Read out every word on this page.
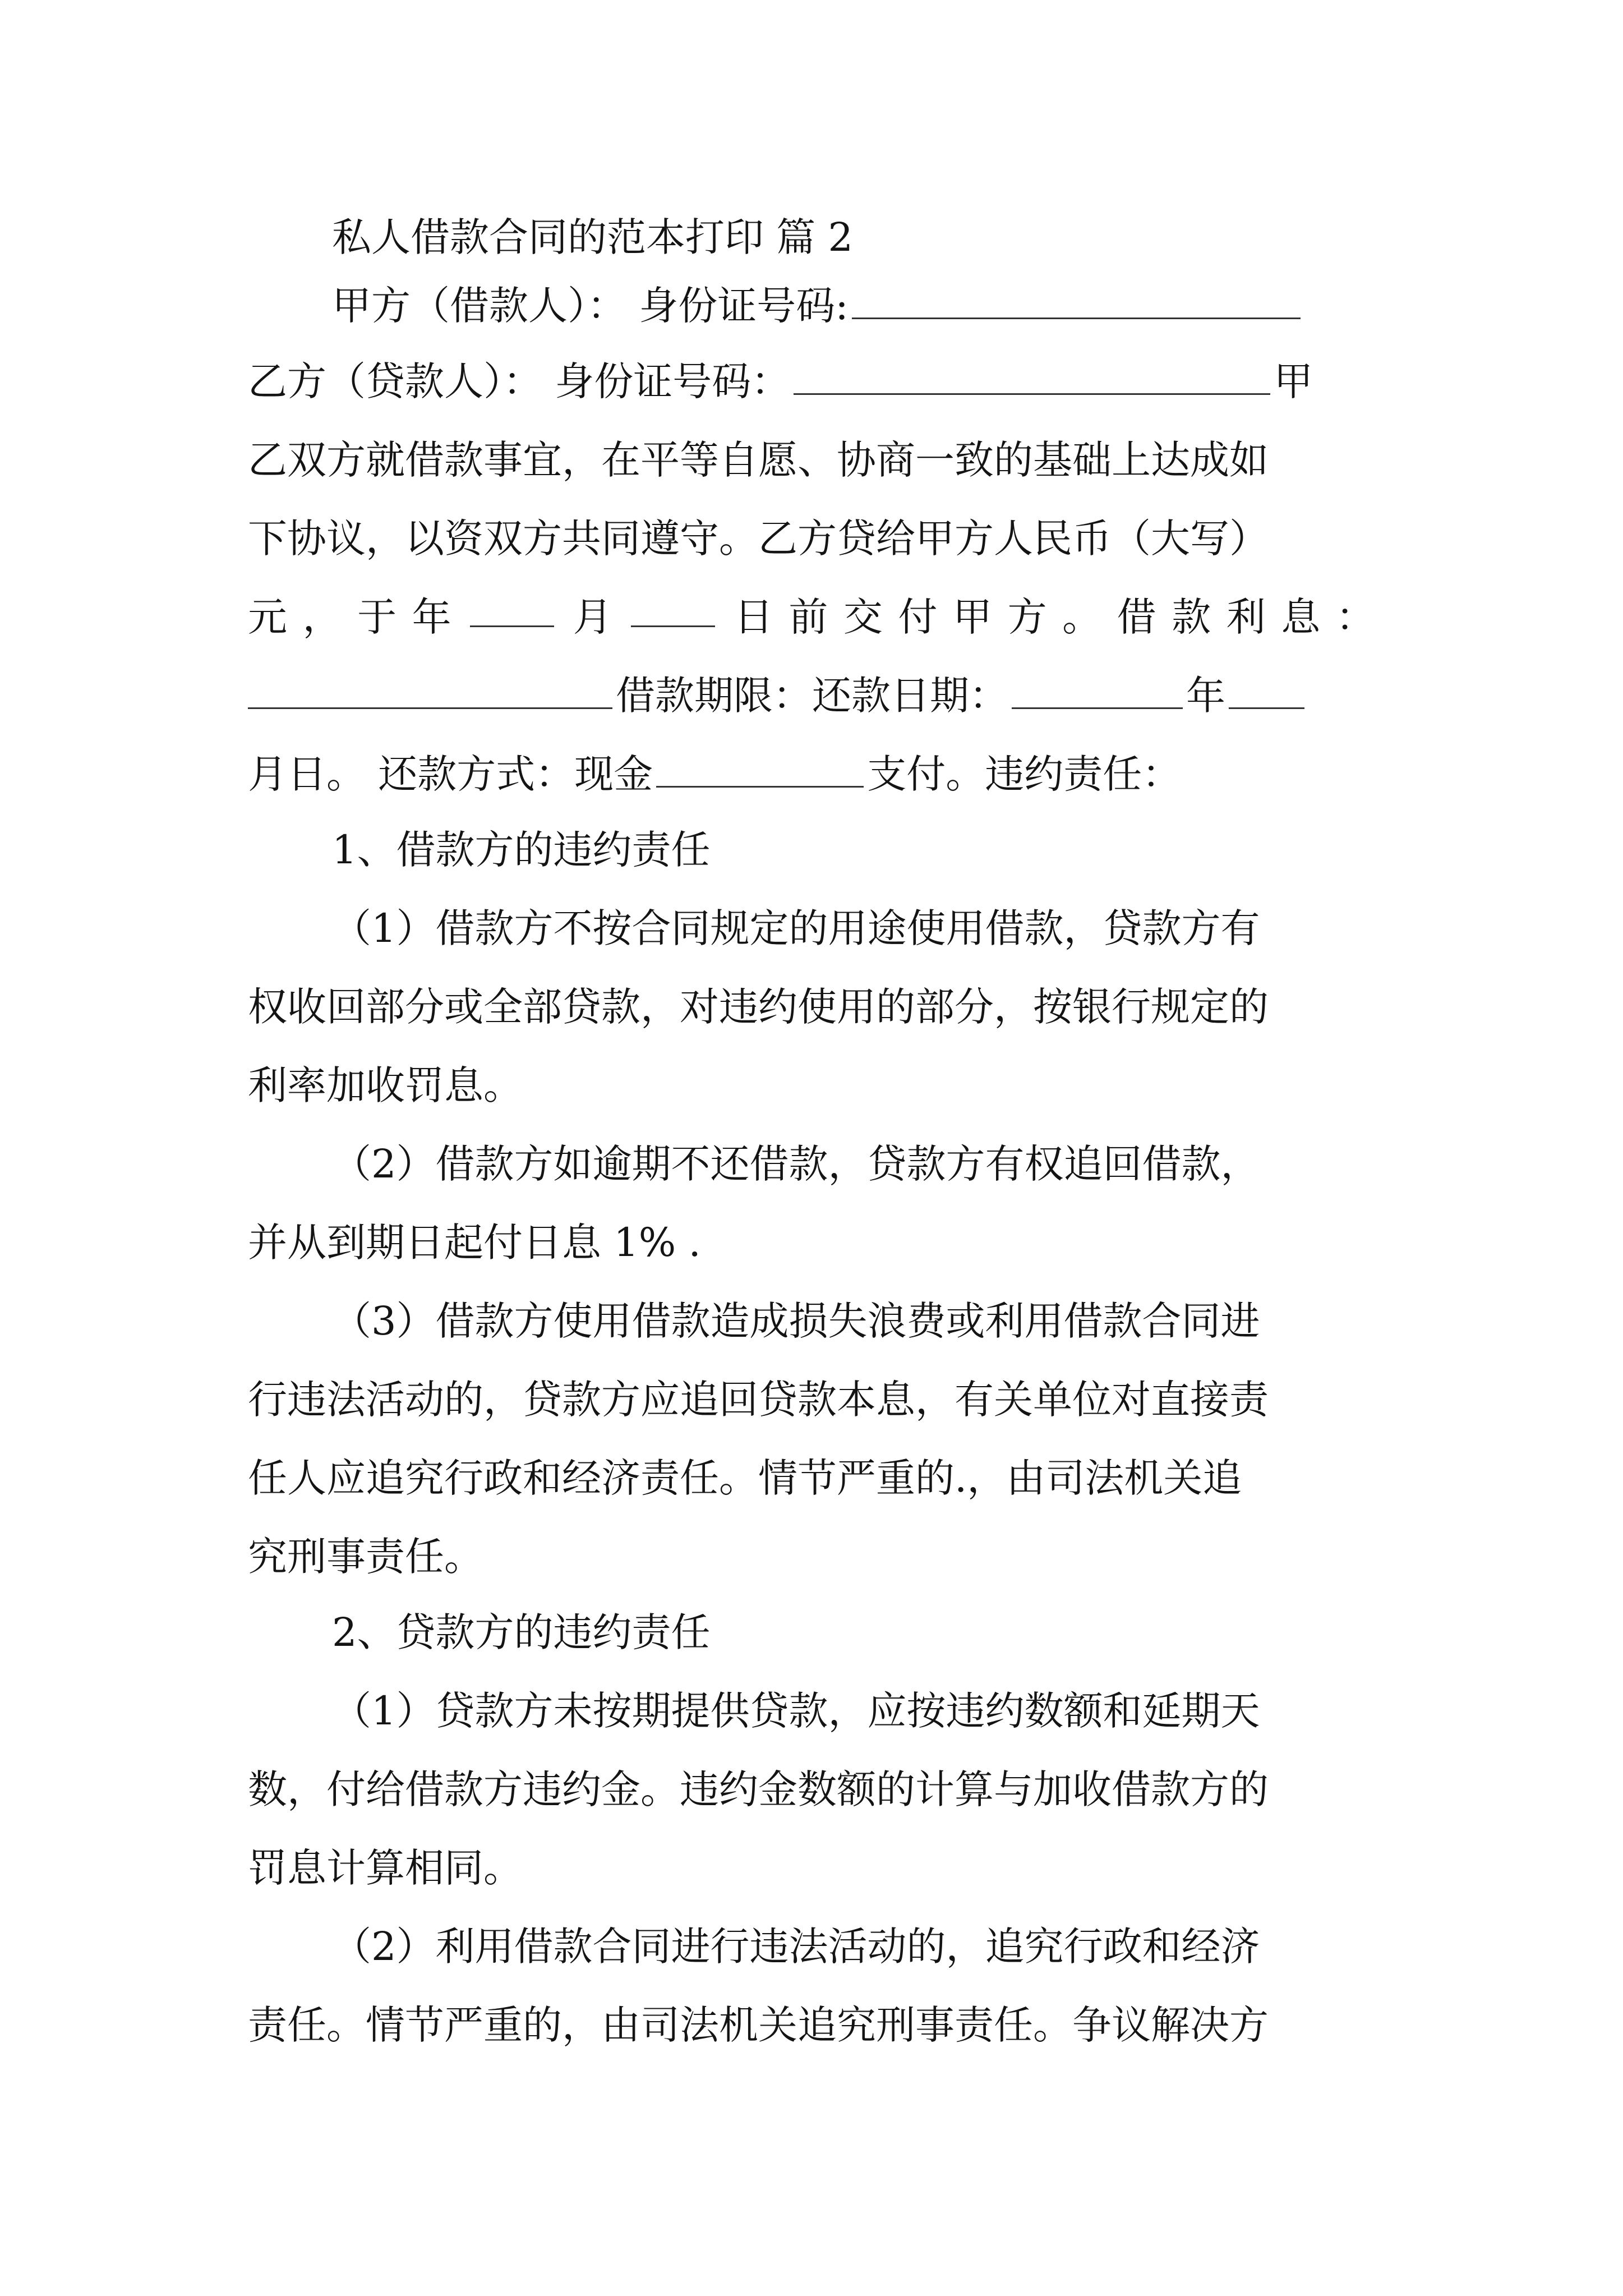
私人借款合同的范本打印 篇 2
甲方（借款人）： 身份证号码:
乙方（贷款人）： 身份证号码：	甲
乙双方就借款事宜，在平等自愿、协商一致的基础上达成如
下协议，以资双方共同遵守。乙方贷给甲方人民币（大写）
元 ， 于 年	月	日 前 交 付 甲 方 。 借 款 利 息 ：
借款期限：还款日期：	年
月日。 还款方式：现金	支付。违约责任：
1、借款方的违约责任
（1）借款方不按合同规定的用途使用借款，贷款方有
权收回部分或全部贷款，对违约使用的部分，按银行规定的
利率加收罚息。
（2）借款方如逾期不还借款，贷款方有权追回借款，
并从到期日起付日息 1% .
（3）借款方使用借款造成损失浪费或利用借款合同进
行违法活动的，贷款方应追回贷款本息，有关单位对直接责
任人应追究行政和经济责任。情节严重的.，由司法机关追
究刑事责任。
2、贷款方的违约责任
（1）贷款方未按期提供贷款，应按违约数额和延期天
数，付给借款方违约金。违约金数额的计算与加收借款方的
罚息计算相同。
（2）利用借款合同进行违法活动的，追究行政和经济
责任。情节严重的，由司法机关追究刑事责任。争议解决方
